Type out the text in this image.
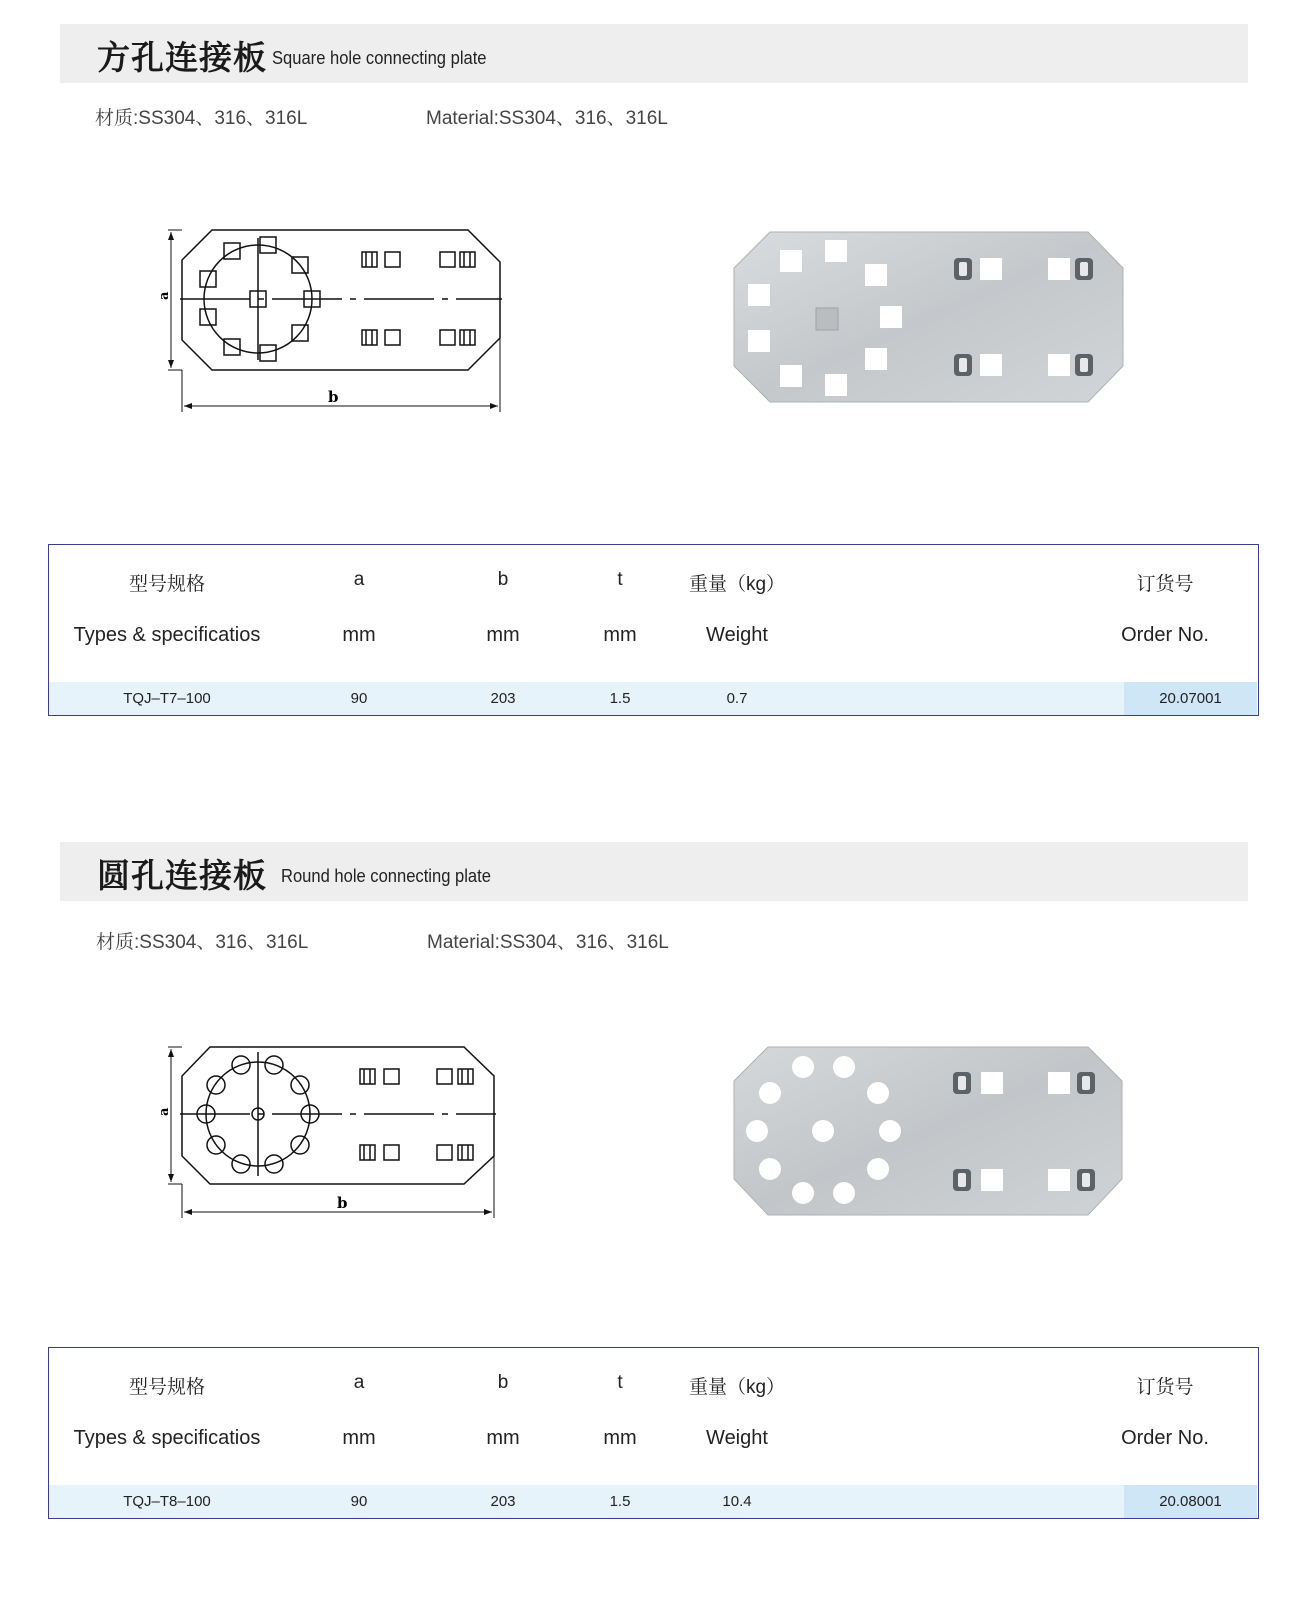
方孔连接板 Square hole connecting plate
材质:SS304、316、316L	Material:SS304、316、316L
a
b
型号规格	a	b	t	重量（kg）	订货号
Types & specificatios	mm	mm	mm	Weight	Order No.
TQJ–T7–100	90	203	1.5	0.7	20.07001
圆孔连接板 Round hole connecting plate
材质:SS304、316、316L	Material:SS304、316、316L
a
b
型号规格	a	b	t	重量（kg）	订货号
Types & specificatios	mm	mm	mm	Weight	Order No.
TQJ–T8–100	90	203	1.5	10.4	20.08001
